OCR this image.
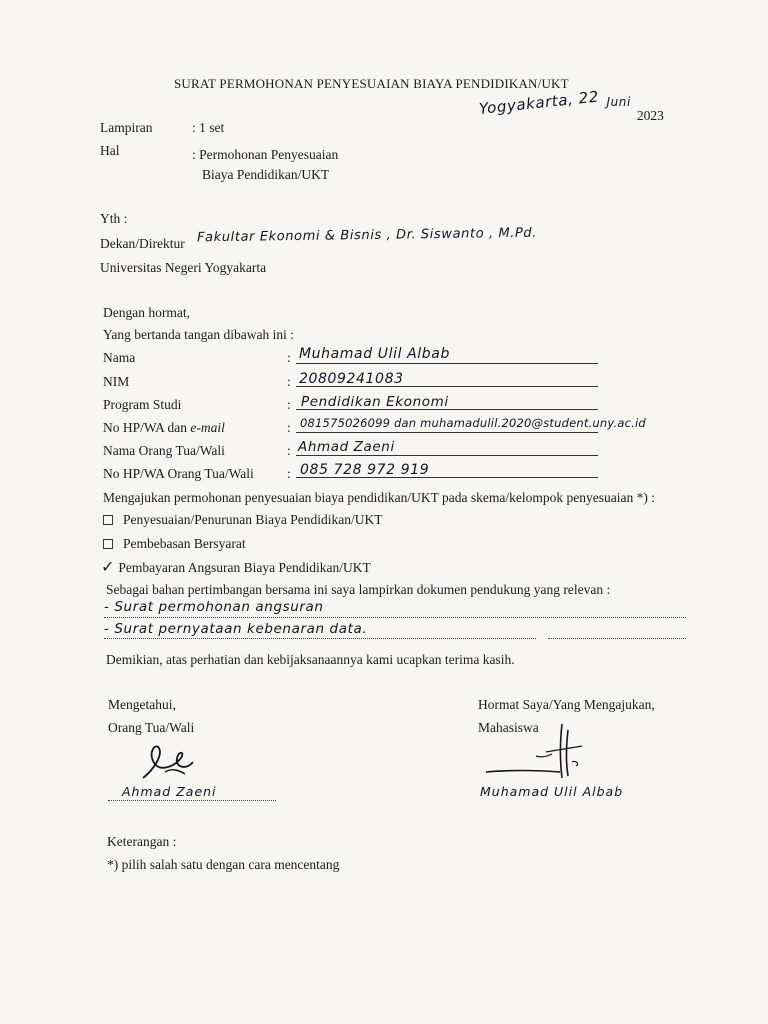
SURAT PERMOHONAN PENYESUAIAN BIAYA PENDIDIKAN/UKT
Yogyakarta, 22 $^{Juni}$ $_{2023}$
Lampiran	: 1 set
Hal	: Permohonan Penyesuaian
Biaya Pendidikan/UKT
Yth :
Dekan/Direktur Fakultar Ekonomi & Bisnis , Dr. Siswanto , M.Pd.
Universitas Negeri Yogyakarta
Dengan hormat,
Yang bertanda tangan dibawah ini :
Nama	: Muhamad Ulil Albab
NIM	: 20809241083
Program Studi	: Pendidikan Ekonomi
No HP/WA dan e-mail	: 081575026099 dan muhamadulil.2020@student.uny.ac.id
Nama Orang Tua/Wali	: Ahmad Zaeni
No HP/WA Orang Tua/Wali : 085 728 972 919
Mengajukan permohonan penyesuaian biaya pendidikan/UKT pada skema/kelompok penyesuaian *) :
Penyesuaian/Penurunan Biaya Pendidikan/UKT
Pembebasan Bersyarat
✓ Pembayaran Angsuran Biaya Pendidikan/UKT
Sebagai bahan pertimbangan bersama ini saya lampirkan dokumen pendukung yang relevan :
- Surat permohonan angsuran
- Surat pernyataan kebenaran data.
Demikian, atas perhatian dan kebijaksanaannya kami ucapkan terima kasih.
Mengetahui,
Orang Tua/Wali
Ahmad Zaeni
Hormat Saya/Yang Mengajukan,
Mahasiswa
Muhamad Ulil Albab
Keterangan :
*) pilih salah satu dengan cara mencentang
